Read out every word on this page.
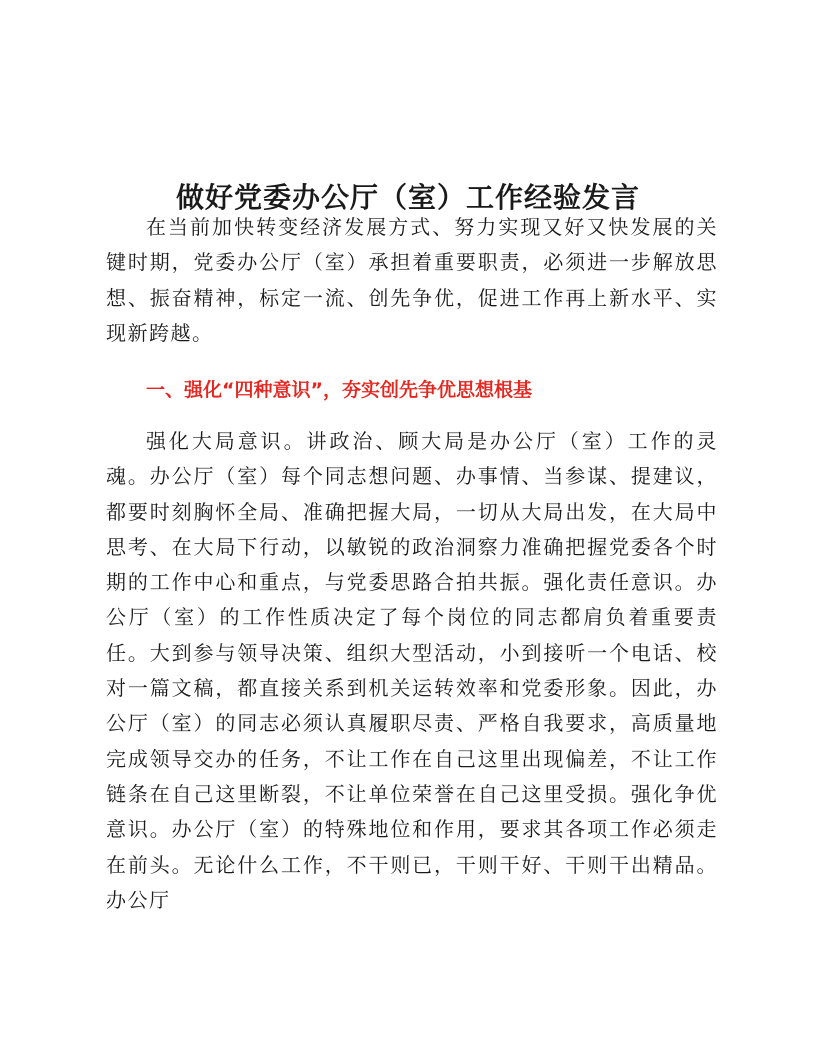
做好党委办公厅（室）工作经验发言

在当前加快转变经济发展方式、努力实现又好又快发展的关键时期，党委办公厅（室）承担着重要职责，必须进一步解放思想、振奋精神，标定一流、创先争优，促进工作再上新水平、实现新跨越。

一、强化“四种意识”，夯实创先争优思想根基

强化大局意识。讲政治、顾大局是办公厅（室）工作的灵魂。办公厅（室）每个同志想问题、办事情、当参谋、提建议，都要时刻胸怀全局、准确把握大局，一切从大局出发，在大局中思考、在大局下行动，以敏锐的政治洞察力准确把握党委各个时期的工作中心和重点，与党委思路合拍共振。强化责任意识。办公厅（室）的工作性质决定了每个岗位的同志都肩负着重要责任。大到参与领导决策、组织大型活动，小到接听一个电话、校对一篇文稿，都直接关系到机关运转效率和党委形象。因此，办公厅（室）的同志必须认真履职尽责、严格自我要求，高质量地完成领导交办的任务，不让工作在自己这里出现偏差，不让工作链条在自己这里断裂，不让单位荣誉在自己这里受损。强化争优意识。办公厅（室）的特殊地位和作用，要求其各项工作必须走在前头。无论什么工作，不干则已，干则干好、干则干出精品。办公厅
